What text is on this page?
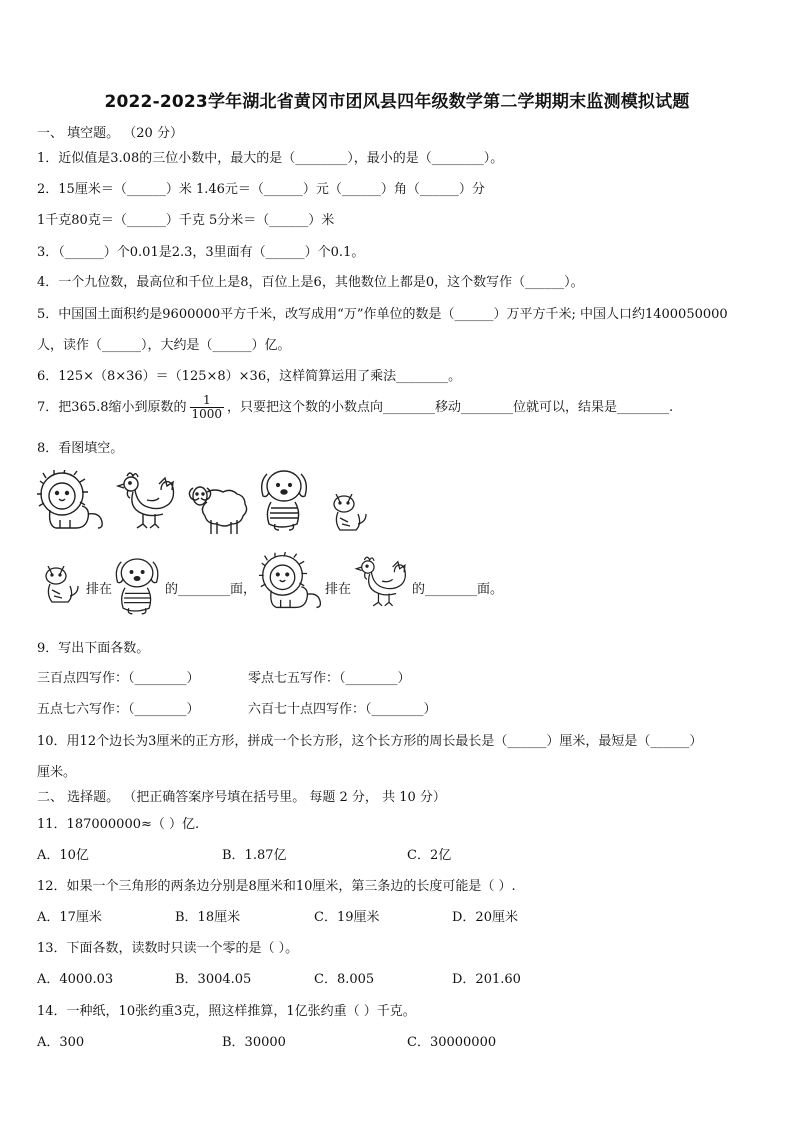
2022-2023学年湖北省黄冈市团风县四年级数学第二学期期末监测模拟试题
一、 填空题。 （20 分）
1．近似值是3.08的三位小数中，最大的是（________），最小的是（________）。
2．15厘米＝（______）米 1.46元＝（______）元（______）角（______）分
1千克80克＝（______）千克 5分米＝（______）米
3．（______）个0.01是2.3，3里面有（______）个0.1。
4．一个九位数，最高位和千位上是8，百位上是6，其他数位上都是0，这个数写作（______）。
5．中国国土面积约是9600000平方千米，改写成用“万”作单位的数是（______）万平方千米; 中国人口约1400050000
人，读作（______），大约是（______）亿。
6．125×（8×36）＝（125×8）×36，这样简算运用了乘法________。
7．把365.8缩小到原数的 $\frac{1}{1000}$ ，只要把这个数的小数点向________移动________位就可以，结果是________.
8．看图填空。
排在	的________面，	排在	的________面。
9．写出下面各数。
三百点四写作：（________）	零点七五写作：（________）
五点七六写作：（________）	六百七十点四写作：（________）
10．用12个边长为3厘米的正方形，拼成一个长方形，这个长方形的周长最长是（______）厘米，最短是（______）
厘米。
二、 选择题。 （把正确答案序号填在括号里。 每题 2 分， 共 10 分）
11．187000000≈（ ）亿.
A．10亿	B．1.87亿	C．2亿
12．如果一个三角形的两条边分别是8厘米和10厘米，第三条边的长度可能是（ ）.
A．17厘米	B．18厘米	C．19厘米	D．20厘米
13．下面各数，读数时只读一个零的是（ ）。
A．4000.03	B．3004.05	C．8.005	D．201.60
14．一种纸，10张约重3克，照这样推算，1亿张约重（ ）千克。
A．300	B．30000	C．30000000
